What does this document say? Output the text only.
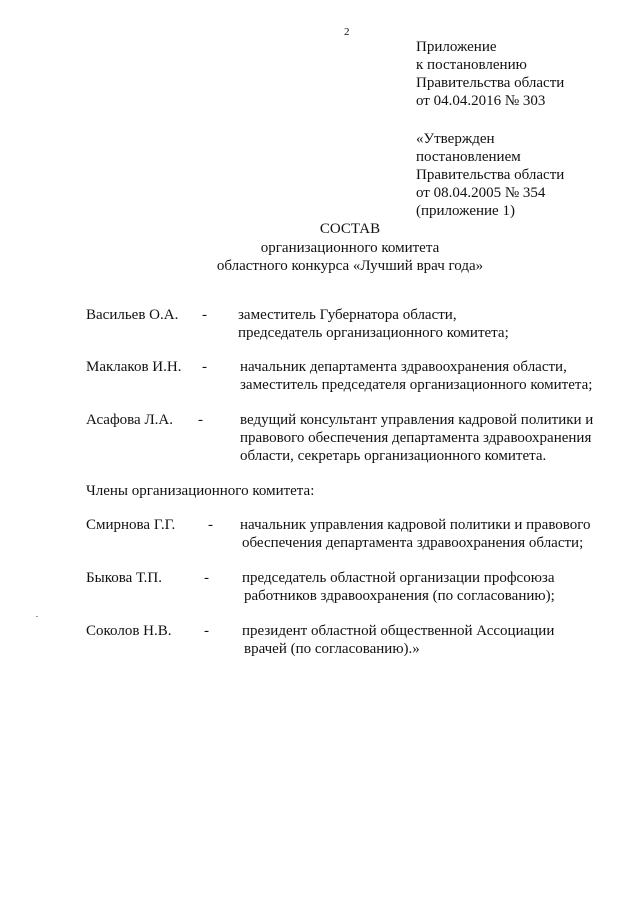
2
Приложение
к постановлению
Правительства области
от 04.04.2016 № 303
«Утвержден
постановлением
Правительства области
от 08.04.2005 № 354
(приложение 1)
СОСТАВ
организационного комитета
областного конкурса «Лучший врач года»
Васильев О.А. - заместитель Губернатора области,
председатель организационного комитета;
Маклаков И.Н. - начальник департамента здравоохранения области,
заместитель председателя организационного комитета;
Асафова Л.А. - ведущий консультант управления кадровой политики и
правового обеспечения департамента здравоохранения
области, секретарь организационного комитета.
Члены организационного комитета:
Смирнова Г.Г. - начальник управления кадровой политики и правового
обеспечения департамента здравоохранения области;
Быкова Т.П.	- председатель областной организации профсоюза
работников здравоохранения (по согласованию);
Соколов Н.В. - президент областной общественной Ассоциации
врачей (по согласованию).»
